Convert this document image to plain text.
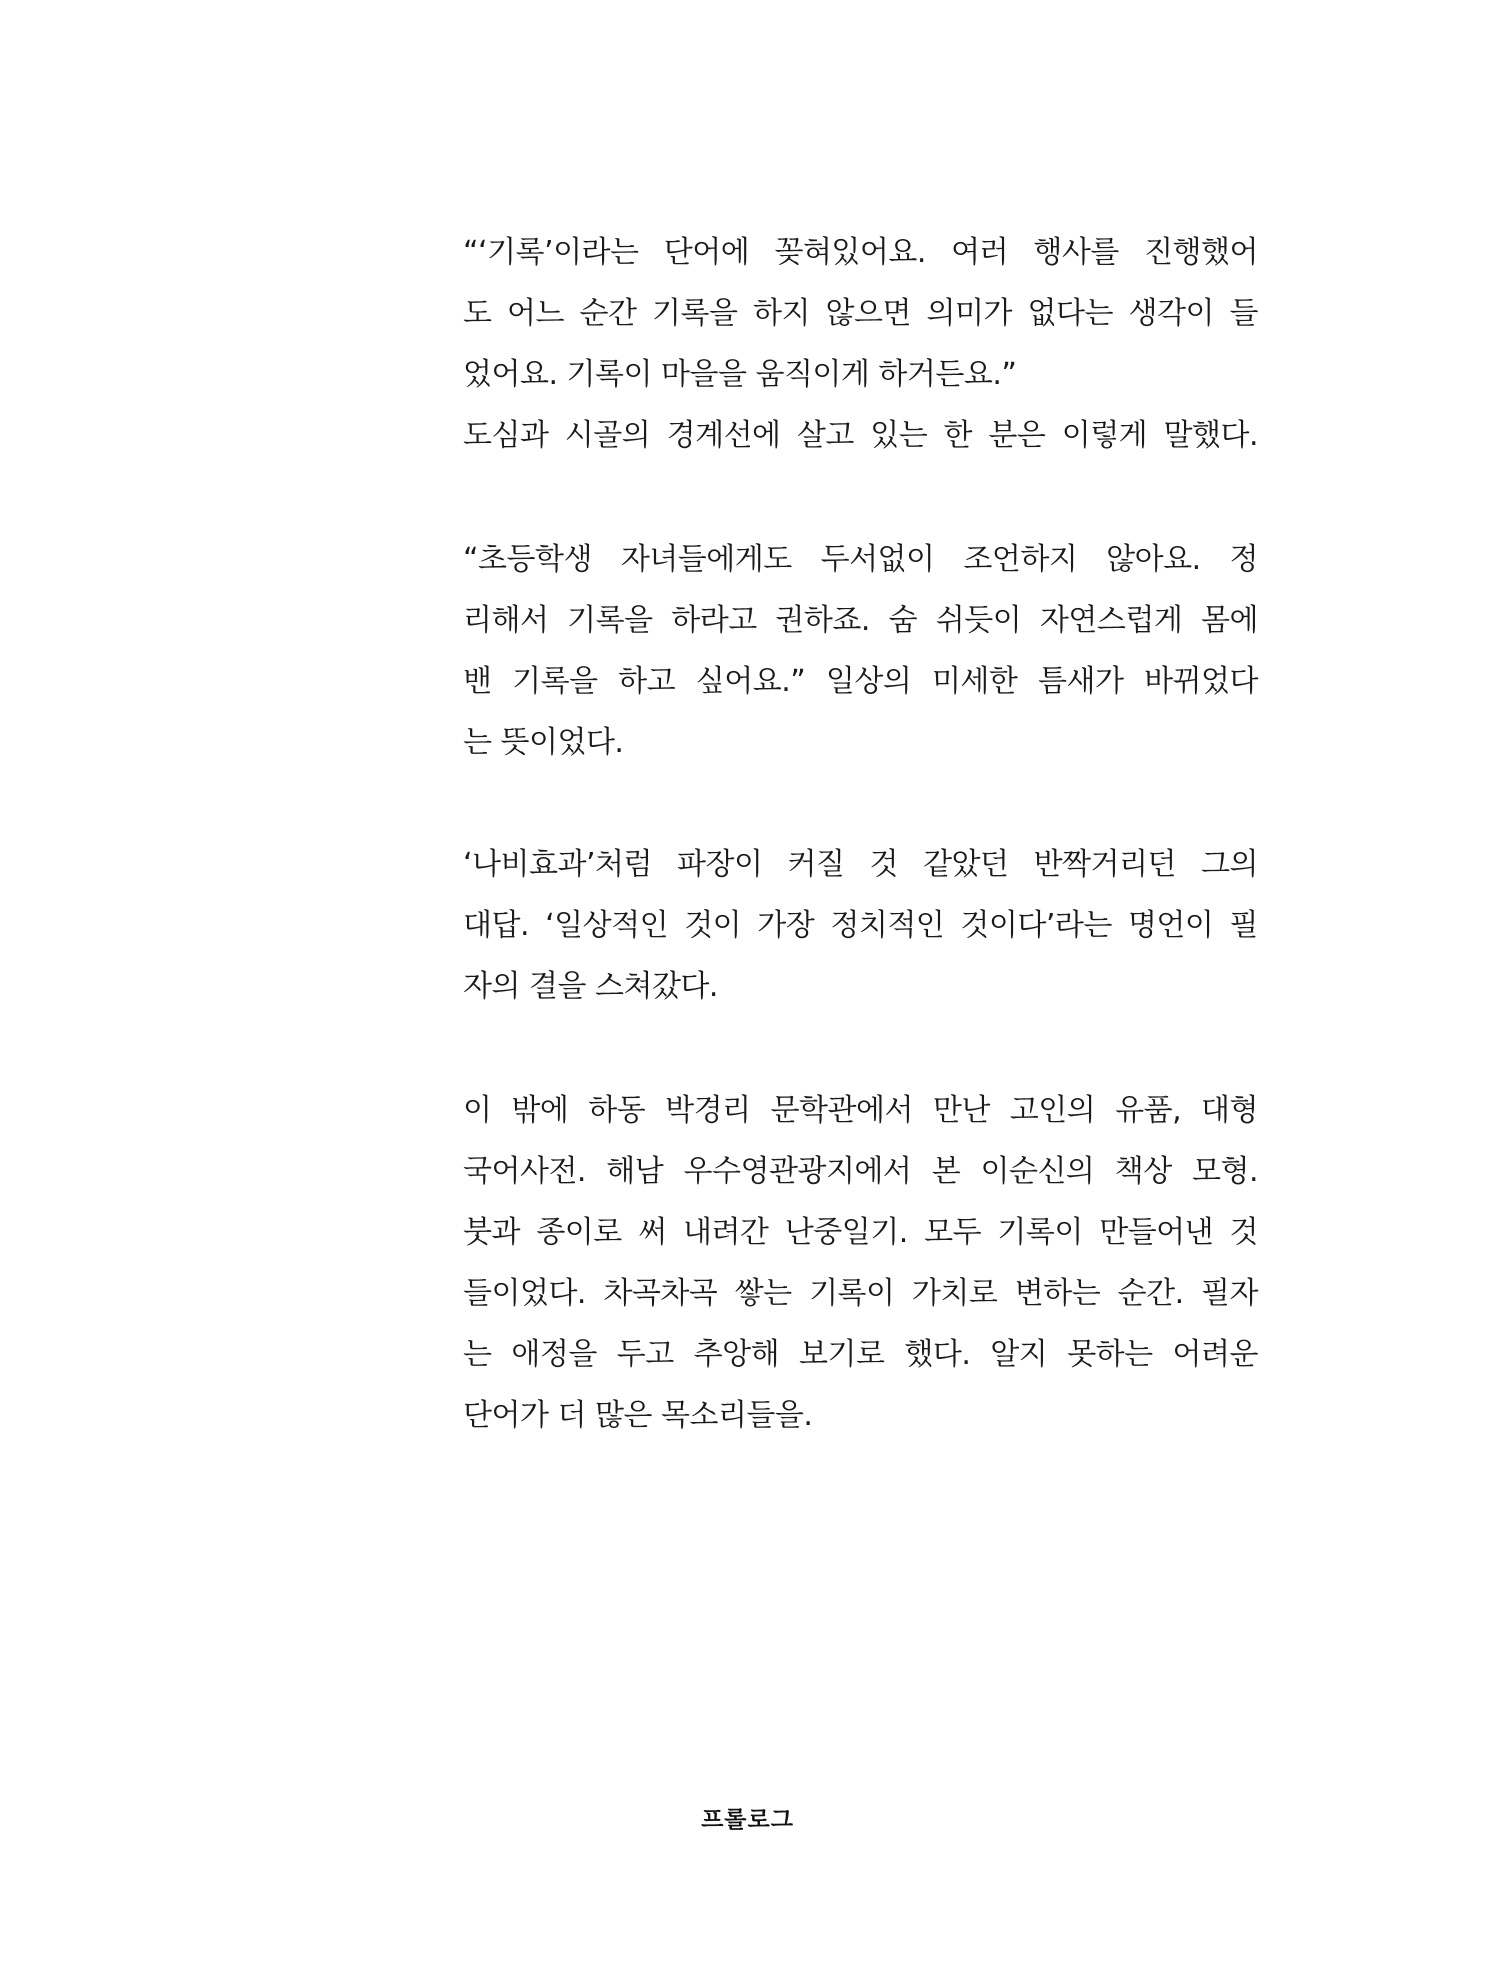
“‘기록’이라는 단어에 꽂혀있어요. 여러 행사를 진행했어
도 어느 순간 기록을 하지 않으면 의미가 없다는 생각이 들
었어요. 기록이 마을을 움직이게 하거든요.”
도심과 시골의 경계선에 살고 있는 한 분은 이렇게 말했다.
“초등학생 자녀들에게도 두서없이 조언하지 않아요. 정
리해서 기록을 하라고 권하죠. 숨 쉬듯이 자연스럽게 몸에
밴 기록을 하고 싶어요.” 일상의 미세한 틈새가 바뀌었다
는 뜻이었다.
‘나비효과’처럼 파장이 커질 것 같았던 반짝거리던 그의
대답. ‘일상적인 것이 가장 정치적인 것이다’라는 명언이 필
자의 결을 스쳐갔다.
이 밖에 하동 박경리 문학관에서 만난 고인의 유품, 대형
국어사전. 해남 우수영관광지에서 본 이순신의 책상 모형.
붓과 종이로 써 내려간 난중일기. 모두 기록이 만들어낸 것
들이었다. 차곡차곡 쌓는 기록이 가치로 변하는 순간. 필자
는 애정을 두고 추앙해 보기로 했다. 알지 못하는 어려운
단어가 더 많은 목소리들을.
프롤로그
